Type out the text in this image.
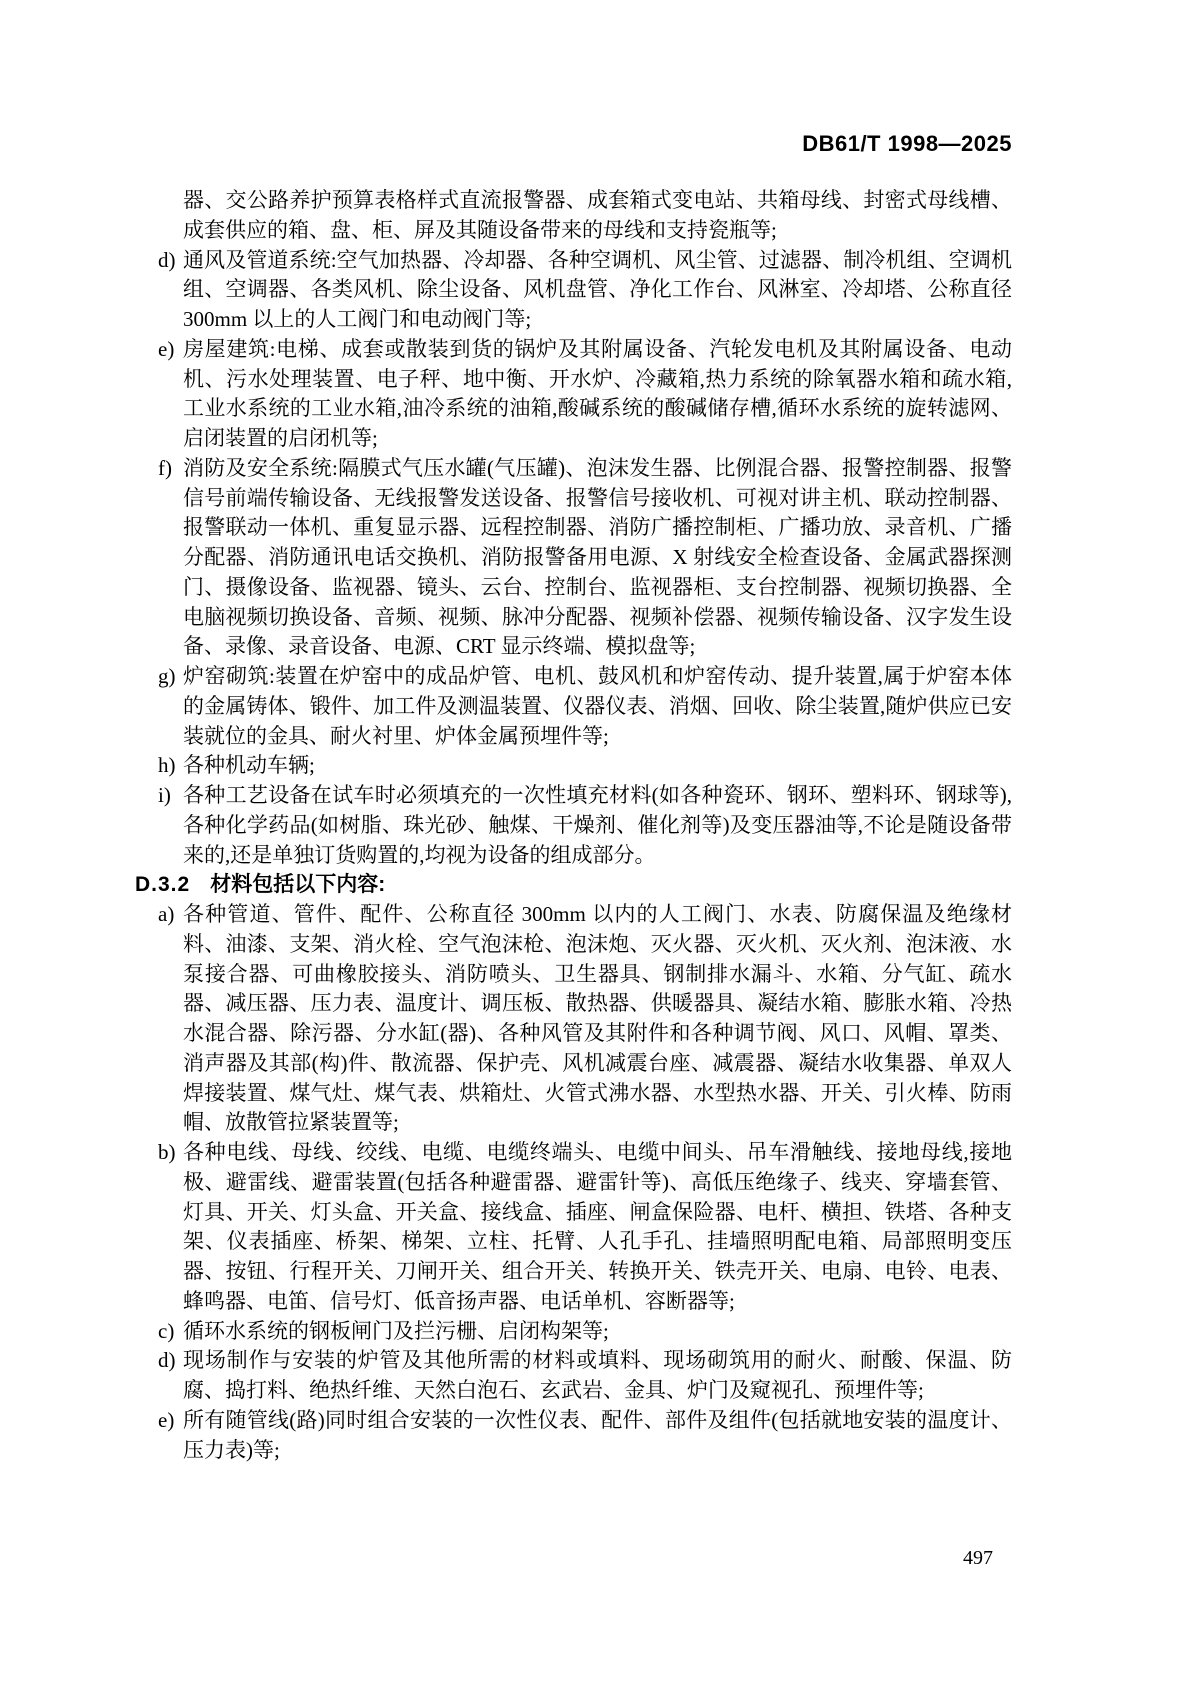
DB61/T 1998—2025
器、交公路养护预算表格样式直流报警器、成套箱式变电站、共箱母线、封密式母线槽、成套供应的箱、盘、柜、屏及其随设备带来的母线和支持瓷瓶等;
d) 通风及管道系统:空气加热器、冷却器、各种空调机、风尘管、过滤器、制冷机组、空调机组、空调器、各类风机、除尘设备、风机盘管、净化工作台、风淋室、冷却塔、公称直径 300mm 以上的人工阀门和电动阀门等;
e) 房屋建筑:电梯、成套或散装到货的锅炉及其附属设备、汽轮发电机及其附属设备、电动机、污水处理装置、电子秤、地中衡、开水炉、冷藏箱,热力系统的除氧器水箱和疏水箱,工业水系统的工业水箱,油冷系统的油箱,酸碱系统的酸碱储存槽,循环水系统的旋转滤网、启闭装置的启闭机等;
f) 消防及安全系统:隔膜式气压水罐(气压罐)、泡沫发生器、比例混合器、报警控制器、报警信号前端传输设备、无线报警发送设备、报警信号接收机、可视对讲主机、联动控制器、报警联动一体机、重复显示器、远程控制器、消防广播控制柜、广播功放、录音机、广播分配器、消防通讯电话交换机、消防报警备用电源、X 射线安全检查设备、金属武器探测门、摄像设备、监视器、镜头、云台、控制台、监视器柜、支台控制器、视频切换器、全电脑视频切换设备、音频、视频、脉冲分配器、视频补偿器、视频传输设备、汉字发生设备、录像、录音设备、电源、CRT 显示终端、模拟盘等;
g) 炉窑砌筑:装置在炉窑中的成品炉管、电机、鼓风机和炉窑传动、提升装置,属于炉窑本体的金属铸体、锻件、加工件及测温装置、仪器仪表、消烟、回收、除尘装置,随炉供应已安装就位的金具、耐火衬里、炉体金属预埋件等;
h) 各种机动车辆;
i) 各种工艺设备在试车时必须填充的一次性填充材料(如各种瓷环、钢环、塑料环、钢球等),各种化学药品(如树脂、珠光砂、触煤、干燥剂、催化剂等)及变压器油等,不论是随设备带来的,还是单独订货购置的,均视为设备的组成部分。
D.3.2 材料包括以下内容:
a) 各种管道、管件、配件、公称直径 300mm 以内的人工阀门、水表、防腐保温及绝缘材料、油漆、支架、消火栓、空气泡沫枪、泡沫炮、灭火器、灭火机、灭火剂、泡沫液、水泵接合器、可曲橡胶接头、消防喷头、卫生器具、钢制排水漏斗、水箱、分气缸、疏水器、减压器、压力表、温度计、调压板、散热器、供暖器具、凝结水箱、膨胀水箱、冷热水混合器、除污器、分水缸(器)、各种风管及其附件和各种调节阀、风口、风帽、罩类、消声器及其部(构)件、散流器、保护壳、风机减震台座、减震器、凝结水收集器、单双人焊接装置、煤气灶、煤气表、烘箱灶、火管式沸水器、水型热水器、开关、引火棒、防雨帽、放散管拉紧装置等;
b) 各种电线、母线、绞线、电缆、电缆终端头、电缆中间头、吊车滑触线、接地母线,接地极、避雷线、避雷装置(包括各种避雷器、避雷针等)、高低压绝缘子、线夹、穿墙套管、灯具、开关、灯头盒、开关盒、接线盒、插座、闸盒保险器、电杆、横担、铁塔、各种支架、仪表插座、桥架、梯架、立柱、托臂、人孔手孔、挂墙照明配电箱、局部照明变压器、按钮、行程开关、刀闸开关、组合开关、转换开关、铁壳开关、电扇、电铃、电表、蜂鸣器、电笛、信号灯、低音扬声器、电话单机、容断器等;
c) 循环水系统的钢板闸门及拦污栅、启闭构架等;
d) 现场制作与安装的炉管及其他所需的材料或填料、现场砌筑用的耐火、耐酸、保温、防腐、捣打料、绝热纤维、天然白泡石、玄武岩、金具、炉门及窥视孔、预埋件等;
e) 所有随管线(路)同时组合安装的一次性仪表、配件、部件及组件(包括就地安装的温度计、压力表)等;
497
